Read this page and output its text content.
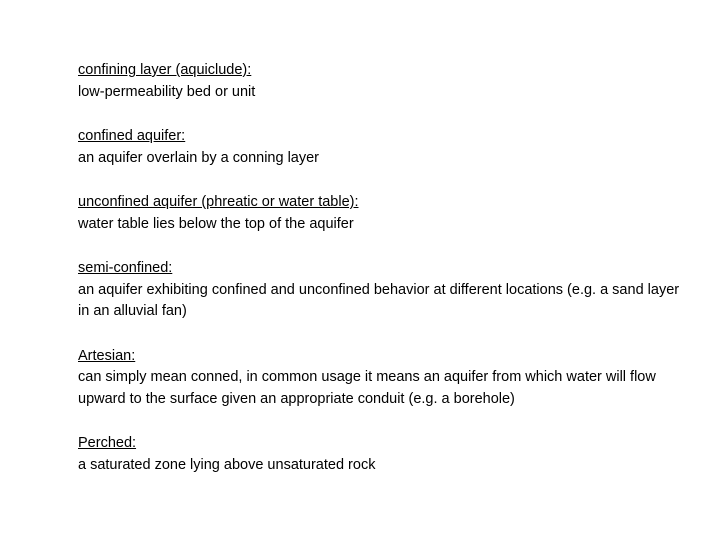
confining layer (aquiclude):
low-permeability bed or unit
confined aquifer:
an aquifer overlain by a conning layer
unconfined aquifer (phreatic or water table):
water table lies below the top of the aquifer
semi-confined:
an aquifer exhibiting confined and unconfined behavior at different locations (e.g. a sand layer in an alluvial fan)
Artesian:
can simply mean conned, in common usage it means an aquifer from which water will flow upward to the surface given an appropriate conduit (e.g. a borehole)
Perched:
a saturated zone lying above unsaturated rock
